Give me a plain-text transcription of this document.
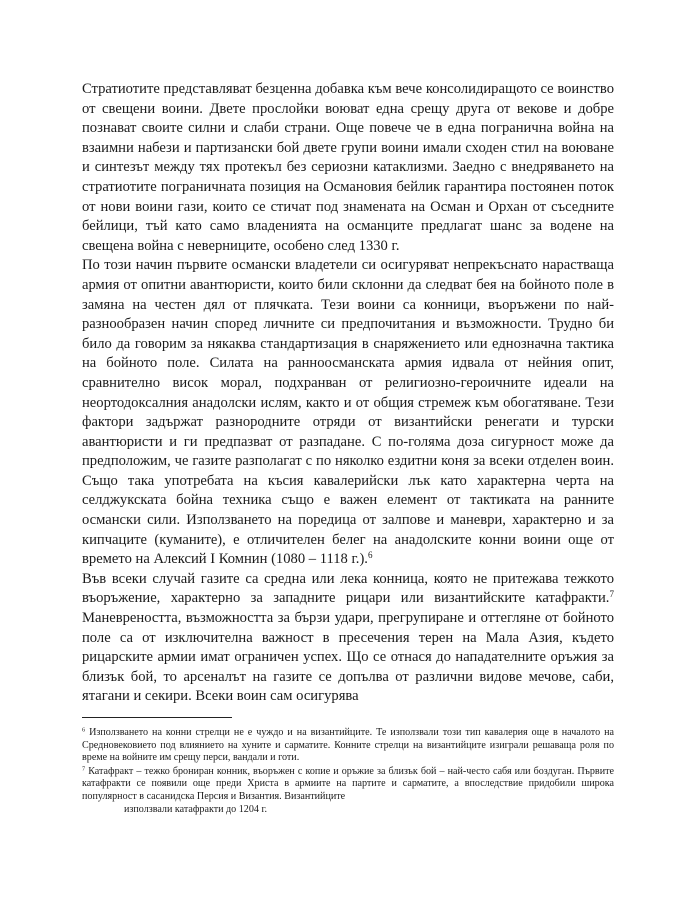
Стратиотите представляват безценна добавка към вече консолидиращото се воинство от свещени воини. Двете прослойки воюват една срещу друга от векове и добре познават своите силни и слаби страни. Още повече че в една погранична война на взаимни набези и партизански бой двете групи воини имали сходен стил на воюване и синтезът между тях протекъл без сериозни катаклизми. Заедно с внедряването на стратиотите пограничната позиция на Османовия бейлик гарантира постоянен поток от нови воини гази, които се стичат под знамената на Осман и Орхан от съседните бейлици, тъй като само владенията на османците предлагат шанс за водене на свещена война с неверниците, особено след 1330 г.

По този начин първите османски владетели си осигуряват непрекъснато нарастваща армия от опитни авантюристи, които били склонни да следват бея на бойното поле в замяна на честен дял от плячката. Тези воини са конници, въоръжени по най-разнообразен начин според личните си предпочитания и възможности. Трудно би било да говорим за някаква стандартизация в снаряжението или еднозначна тактика на бойното поле. Силата на ранноосманската армия идвала от нейния опит, сравнително висок морал, подхранван от религиозно-героичните идеали на неортодоксалния анадолски ислям, както и от общия стремеж към обогатяване. Тези фактори задържат разнородните отряди от византийски ренегати и турски авантюристи и ги предпазват от разпадане. С по-голяма доза сигурност може да предположим, че газите разполагат с по няколко ездитни коня за всеки отделен воин. Също така употребата на късия кавалерийски лък като характерна черта на селджукската бойна техника също е важен елемент от тактиката на ранните османски сили. Използването на поредица от залпове и маневри, характерно и за кипчаците (куманите), е отличителен белег на анадолските конни воини още от времето на Алексий I Комнин (1080 – 1118 г.).$^6$

Във всеки случай газите са средна или лека конница, която не притежава тежкото въоръжение, характерно за западните рицари или византийските катафракти.$^7$ Маневреността, възможността за бързи удари, прегрупиране и оттегляне от бойното поле са от изключителна важност в пресечения терен на Мала Азия, където рицарските армии имат ограничен успех. Що се отнася до нападателните оръжия за близък бой, то арсеналът на газите се допълва от различни видове мечове, саби, ятагани и секири. Всеки воин сам осигурява

$^6$ Използването на конни стрелци не е чуждо и на византийците. Те използвали този тип кавалерия още в началото на Средновековието под влиянието на хуните и сарматите. Конните стрелци на византийците изиграли решаваща роля по време на войните им срещу перси, вандали и готи.

$^7$ Катафракт – тежко брониран конник, въоръжен с копие и оръжие за близък бой – най-често сабя или боздуган. Първите катафракти се появили още преди Христа в армиите на партите и сарматите, а впоследствие придобили широка популярност в сасанидска Персия и Византия. Византийците
използвали катафракти до 1204 г.
